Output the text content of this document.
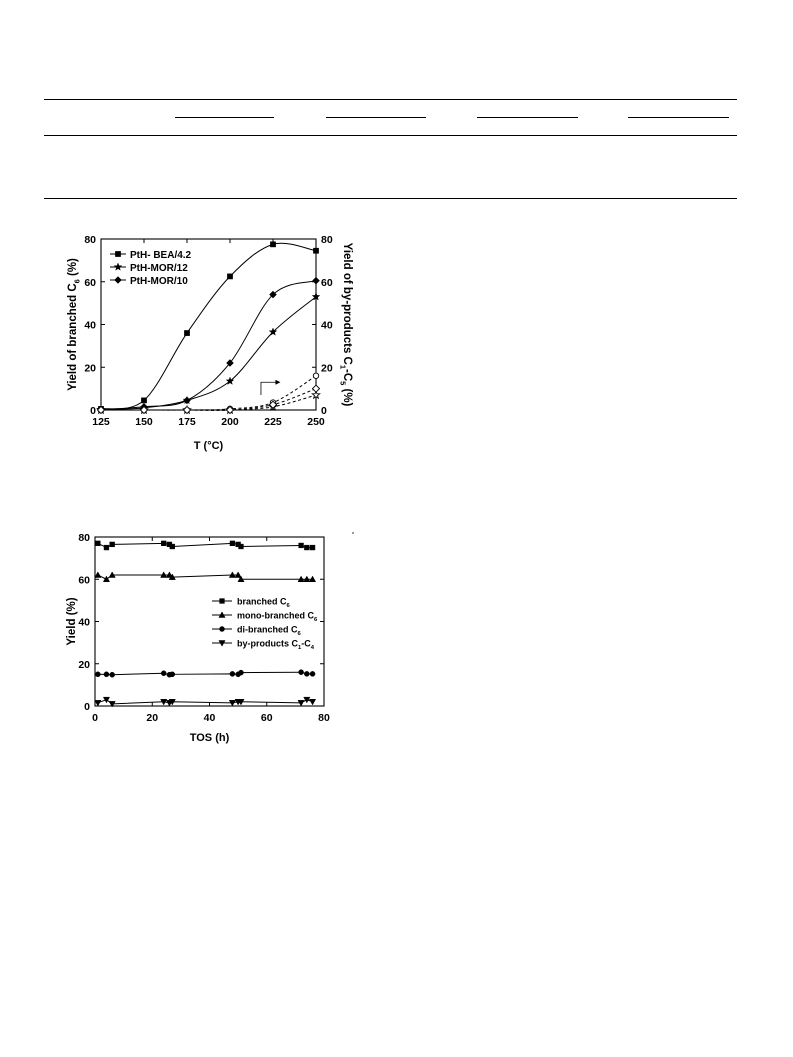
125 150 175 200 225 250
0	0
20	20
40	40
60	60
80	80
T (°C)
Yield of branched $C_6$ (%)	Yield of by-products $C_1-C_5$ (%)
PtH- BEA/4.2
PtH-MOR/12
PtH-MOR/10
0	20	40	60	80
0
20
40
60
80
TOS (h)
Yield (%)	branched $C_6$
mono-branched $C_6$
di-branched $C_6$
by-products $C_1-C_4$
